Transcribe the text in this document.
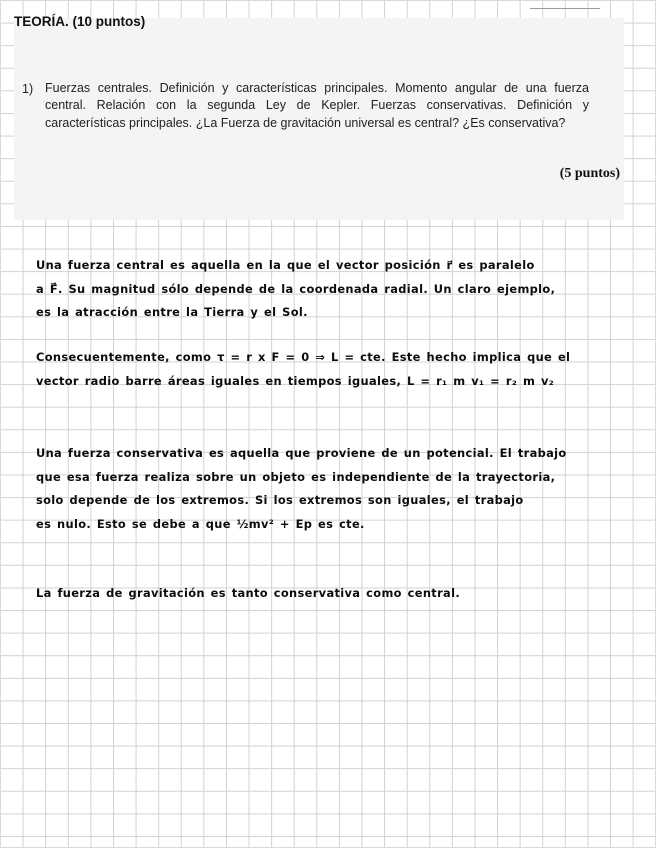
TEORÍA. (10 puntos)
1) Fuerzas centrales. Definición y características principales. Momento angular de una fuerza central. Relación con la segunda Ley de Kepler. Fuerzas conservativas. Definición y características principales. ¿La Fuerza de gravitación universal es central? ¿Es conservativa?
(5 puntos)
Una fuerza central es aquella en la que el vector posición r⃗ es paralelo
a F⃗. Su magnitud sólo depende de la coordenada radial. Un claro ejemplo,
es la atracción entre la Tierra y el Sol.
Consecuentemente, como τ = r x F = 0 ⇒ L = cte. Este hecho implica que el
vector radio barre áreas iguales en tiempos iguales, L = r₁ m v₁ = r₂ m v₂
Una fuerza conservativa es aquella que proviene de un potencial. El trabajo
que esa fuerza realiza sobre un objeto es independiente de la trayectoria,
solo depende de los extremos. Si los extremos son iguales, el trabajo
es nulo. Esto se debe a que ½mv² + Ep es cte.
La fuerza de gravitación es tanto conservativa como central.
